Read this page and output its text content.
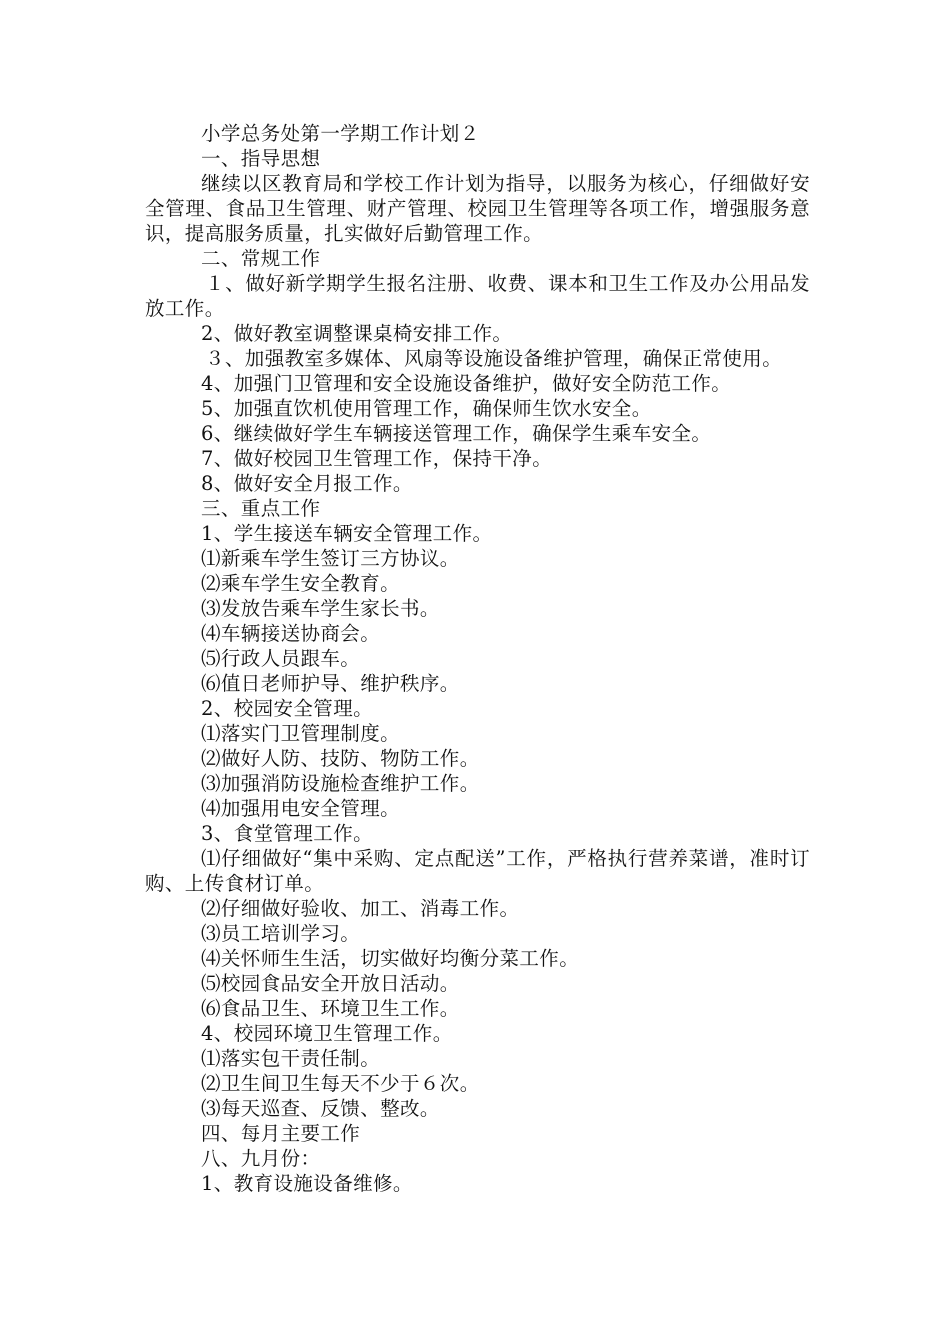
小学总务处第一学期工作计划２

一、指导思想

继续以区教育局和学校工作计划为指导，以服务为核心，仔细做好安全管理、食品卫生管理、财产管理、校园卫生管理等各项工作，增强服务意识，提高服务质量，扎实做好后勤管理工作。

二、常规工作

１、做好新学期学生报名注册、收费、课本和卫生工作及办公用品发放工作。

2、做好教室调整课桌椅安排工作。

３、加强教室多媒体、风扇等设施设备维护管理，确保正常使用。

4、加强门卫管理和安全设施设备维护，做好安全防范工作。

5、加强直饮机使用管理工作，确保师生饮水安全。

6、继续做好学生车辆接送管理工作，确保学生乘车安全。

7、做好校园卫生管理工作，保持干净。

8、做好安全月报工作。

三、重点工作

1、学生接送车辆安全管理工作。

⑴新乘车学生签订三方协议。

⑵乘车学生安全教育。

⑶发放告乘车学生家长书。

⑷车辆接送协商会。

⑸行政人员跟车。

⑹值日老师护导、维护秩序。

2、校园安全管理。

⑴落实门卫管理制度。

⑵做好人防、技防、物防工作。

⑶加强消防设施检查维护工作。

⑷加强用电安全管理。

3、食堂管理工作。

⑴仔细做好“集中采购、定点配送”工作，严格执行营养菜谱，准时订购、上传食材订单。

⑵仔细做好验收、加工、消毒工作。

⑶员工培训学习。

⑷关怀师生生活，切实做好均衡分菜工作。

⑸校园食品安全开放日活动。

⑹食品卫生、环境卫生工作。

4、校园环境卫生管理工作。

⑴落实包干责任制。

⑵卫生间卫生每天不少于６次。

⑶每天巡查、反馈、整改。

四、每月主要工作

八、九月份：

1、教育设施设备维修。
